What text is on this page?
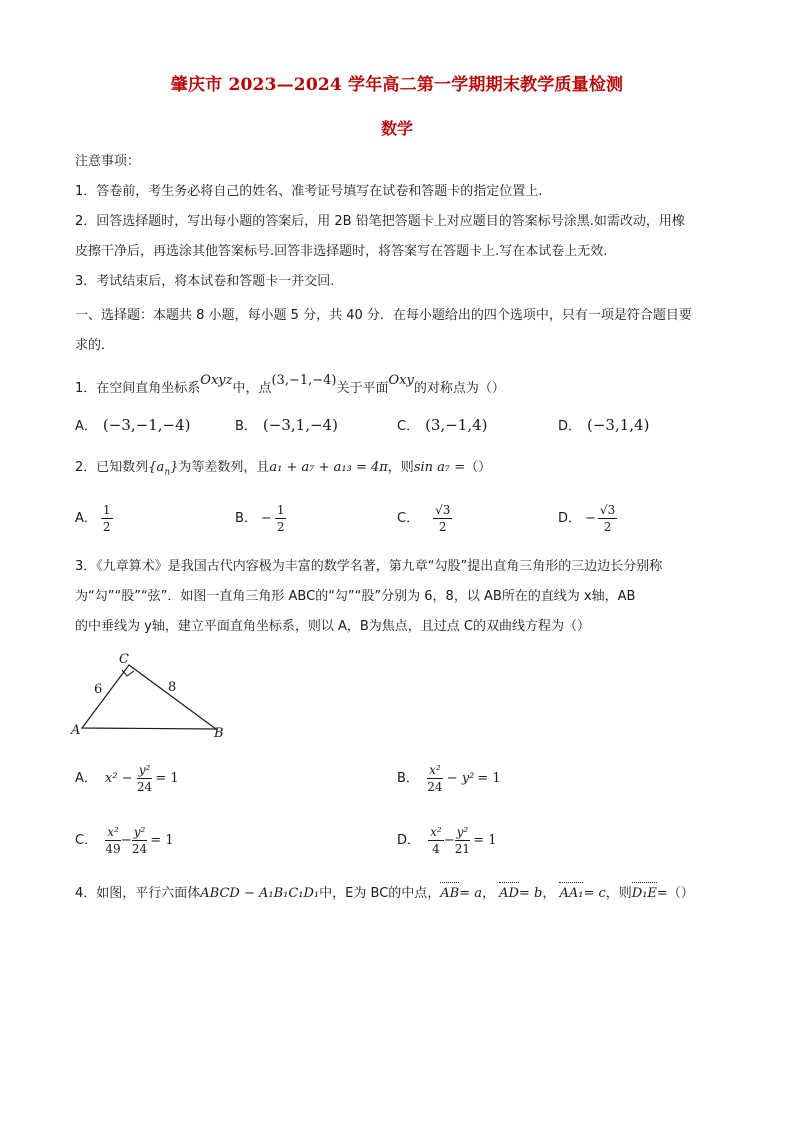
肇庆市 2023—2024 学年高二第一学期期末教学质量检测
数学
注意事项：
1．答卷前，考生务必将自己的姓名、准考证号填写在试卷和答题卡的指定位置上.
2．回答选择题时，写出每小题的答案后，用 2B 铅笔把答题卡上对应题目的答案标号涂黑.如需改动，用橡
皮擦干净后，再选涂其他答案标号.回答非选择题时，将答案写在答题卡上.写在本试卷上无效.
3．考试结束后，将本试卷和答题卡一并交回.
一、选择题：本题共 8 小题，每小题 5 分，共 40 分．在每小题给出的四个选项中，只有一项是符合题目要
求的．
1．在空间直角坐标系Oxyz中，点(3,−1,−4)关于平面Oxy的对称点为（）
A． (−3,−1,−4)	B． (−3,1,−4)	C． (3,−1,4)	D． (−3,1,4)
2．已知数列$\{a_n\}$为等差数列，且a₁ + a₇ + a₁₃ = 4π，则sin a₇ =（）
A． $\frac{1}{2}$	B． − $\frac{1}{2}$	C． $\frac{√3}{2}$	D． − $\frac{√3}{2}$
3．《九章算术》是我国古代内容极为丰富的数学名著，第九章“勾股”提出直角三角形的三边边长分别称
为“勾”“股”“弦”．如图一直角三角形 ABC的“勾”“股”分别为 6，8，以 AB所在的直线为 x轴，AB
的中垂线为 y轴，建立平面直角坐标系，则以 A，B为焦点，且过点 C的双曲线方程为（）
C
A	B
6	8
A． $x^2 - \frac{\text{y²}}{24} = 1$	B． $\frac{\text{x²}}{24} - y^2 = 1$
C． $\frac{\text{x²}}{49} - \frac{\text{y²}}{24} = 1$	D． $\frac{\text{x²}}{4} - \frac{\text{y²}}{21} = 1$
4．如图，平行六面体ABCD − A₁B₁C₁D₁中，E为 BC的中点，AB= a， AD= b， AA₁= c，则D₁E=（）
